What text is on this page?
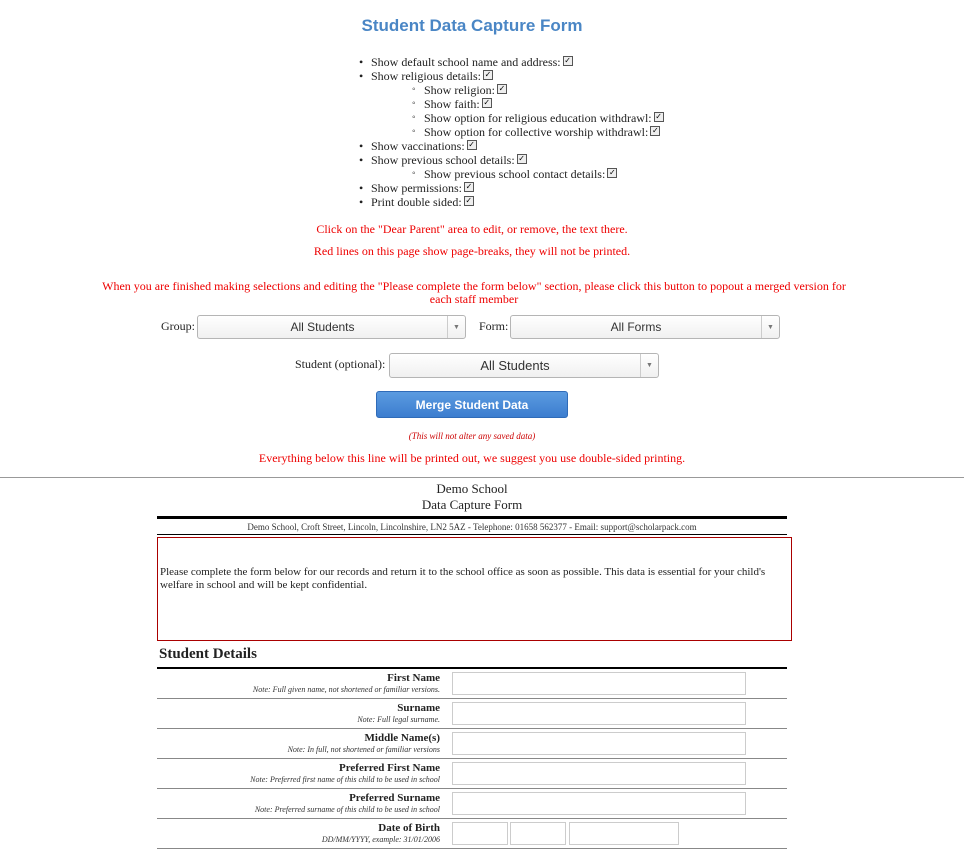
Student Data Capture Form
• Show default school name and address: ✓
• Show religious details: ✓
◦ Show religion: ✓
◦ Show faith: ✓
◦ Show option for religious education withdrawl: ✓
◦ Show option for collective worship withdrawl: ✓
• Show vaccinations: ✓
• Show previous school details: ✓
◦ Show previous school contact details: ✓
• Show permissions: ✓
• Print double sided: ✓
Click on the "Dear Parent" area to edit, or remove, the text there.
Red lines on this page show page-breaks, they will not be printed.
When you are finished making selections and editing the "Please complete the form below" section, please click this button to popout a merged version for each staff member
Group:	All Students	▼	Form:	All Forms	▼
Student (optional):	All Students	▼
Merge Student Data
(This will not alter any saved data)
Everything below this line will be printed out, we suggest you use double-sided printing.
Demo School
Data Capture Form
Demo School, Croft Street, Lincoln, Lincolnshire, LN2 5AZ - Telephone: 01658 562377 - Email: support@scholarpack.com

Please complete the form below for our records and return it to the school office as soon as possible. This data is essential for your child's welfare in school and will be kept confidential.

Student Details
First Name
Note: Full given name, not shortened or familiar versions.
Surname
Note: Full legal surname.
Middle Name(s)
Note: In full, not shortened or familiar versions
Preferred First Name
Note: Preferred first name of this child to be used in school
Preferred Surname
Note: Preferred surname of this child to be used in school
Date of Birth
DD/MM/YYYY, example: 31/01/2006
